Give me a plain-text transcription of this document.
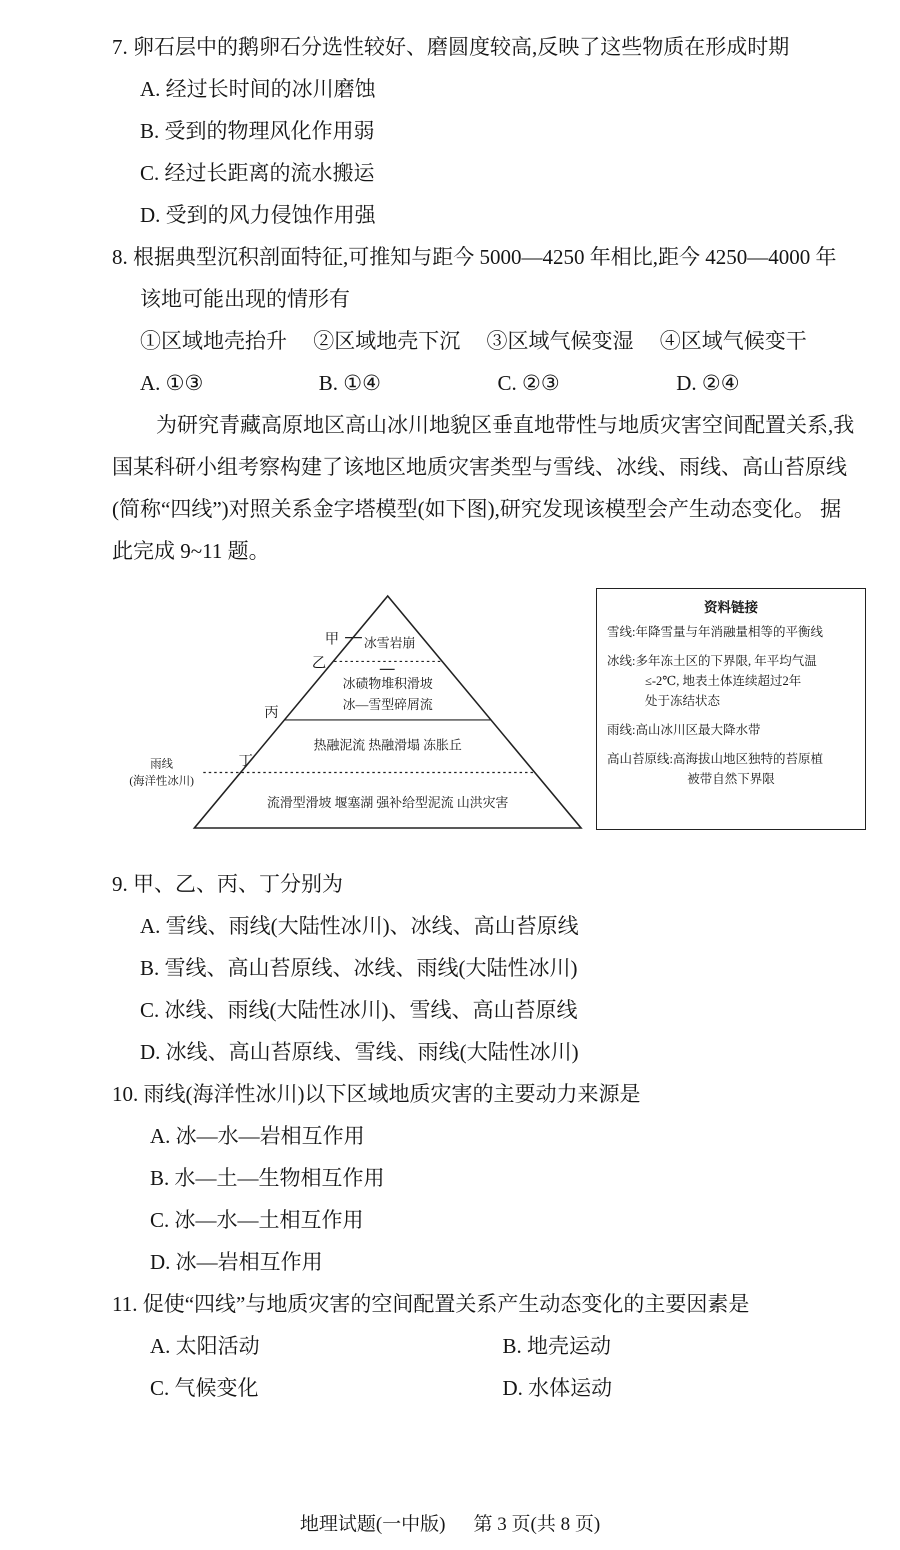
7. 卵石层中的鹅卵石分选性较好、磨圆度较高,反映了这些物质在形成时期
A. 经过长时间的冰川磨蚀
B. 受到的物理风化作用弱
C. 经过长距离的流水搬运
D. 受到的风力侵蚀作用强
8. 根据典型沉积剖面特征,可推知与距今 5000—4250 年相比,距今 4250—4000 年该地可能出现的情形有
①区域地壳抬升　 ②区域地壳下沉　 ③区域气候变湿　 ④区域气候变干
A. ①③	B. ①④	C. ②③	D. ②④
为研究青藏高原地区高山冰川地貌区垂直地带性与地质灾害空间配置关系,我国某科研小组考察构建了该地区地质灾害类型与雪线、冰线、雨线、高山苔原线(简称“四线”)对照关系金字塔模型(如下图),研究发现该模型会产生动态变化。 据此完成 9~11 题。
甲 冰雪岩崩
乙
冰碛物堆积滑坡
冰—雪型碎屑流
丙
热融泥流 热融滑塌 冻胀丘
丁
雨线
(海洋性冰川)
流滑型滑坡 堰塞湖 强补给型泥流 山洪灾害
资料链接
雪线:年降雪量与年消融量相等的平衡线
冰线:多年冻土区的下界限, 年平均气温
≤-2℃, 地表土体连续超过2年
处于冻结状态
雨线:高山冰川区最大降水带
高山苔原线:高海拔山地区独特的苔原植
被带自然下界限
9. 甲、乙、丙、丁分别为
A. 雪线、雨线(大陆性冰川)、冰线、高山苔原线
B. 雪线、高山苔原线、冰线、雨线(大陆性冰川)
C. 冰线、雨线(大陆性冰川)、雪线、高山苔原线
D. 冰线、高山苔原线、雪线、雨线(大陆性冰川)
10. 雨线(海洋性冰川)以下区域地质灾害的主要动力来源是
A. 冰—水—岩相互作用
B. 水—土—生物相互作用
C. 冰—水—土相互作用
D. 冰—岩相互作用
11. 促使“四线”与地质灾害的空间配置关系产生动态变化的主要因素是
A. 太阳活动	B. 地壳运动
C. 气候变化	D. 水体运动
地理试题(一中版) 第 3 页(共 8 页)
